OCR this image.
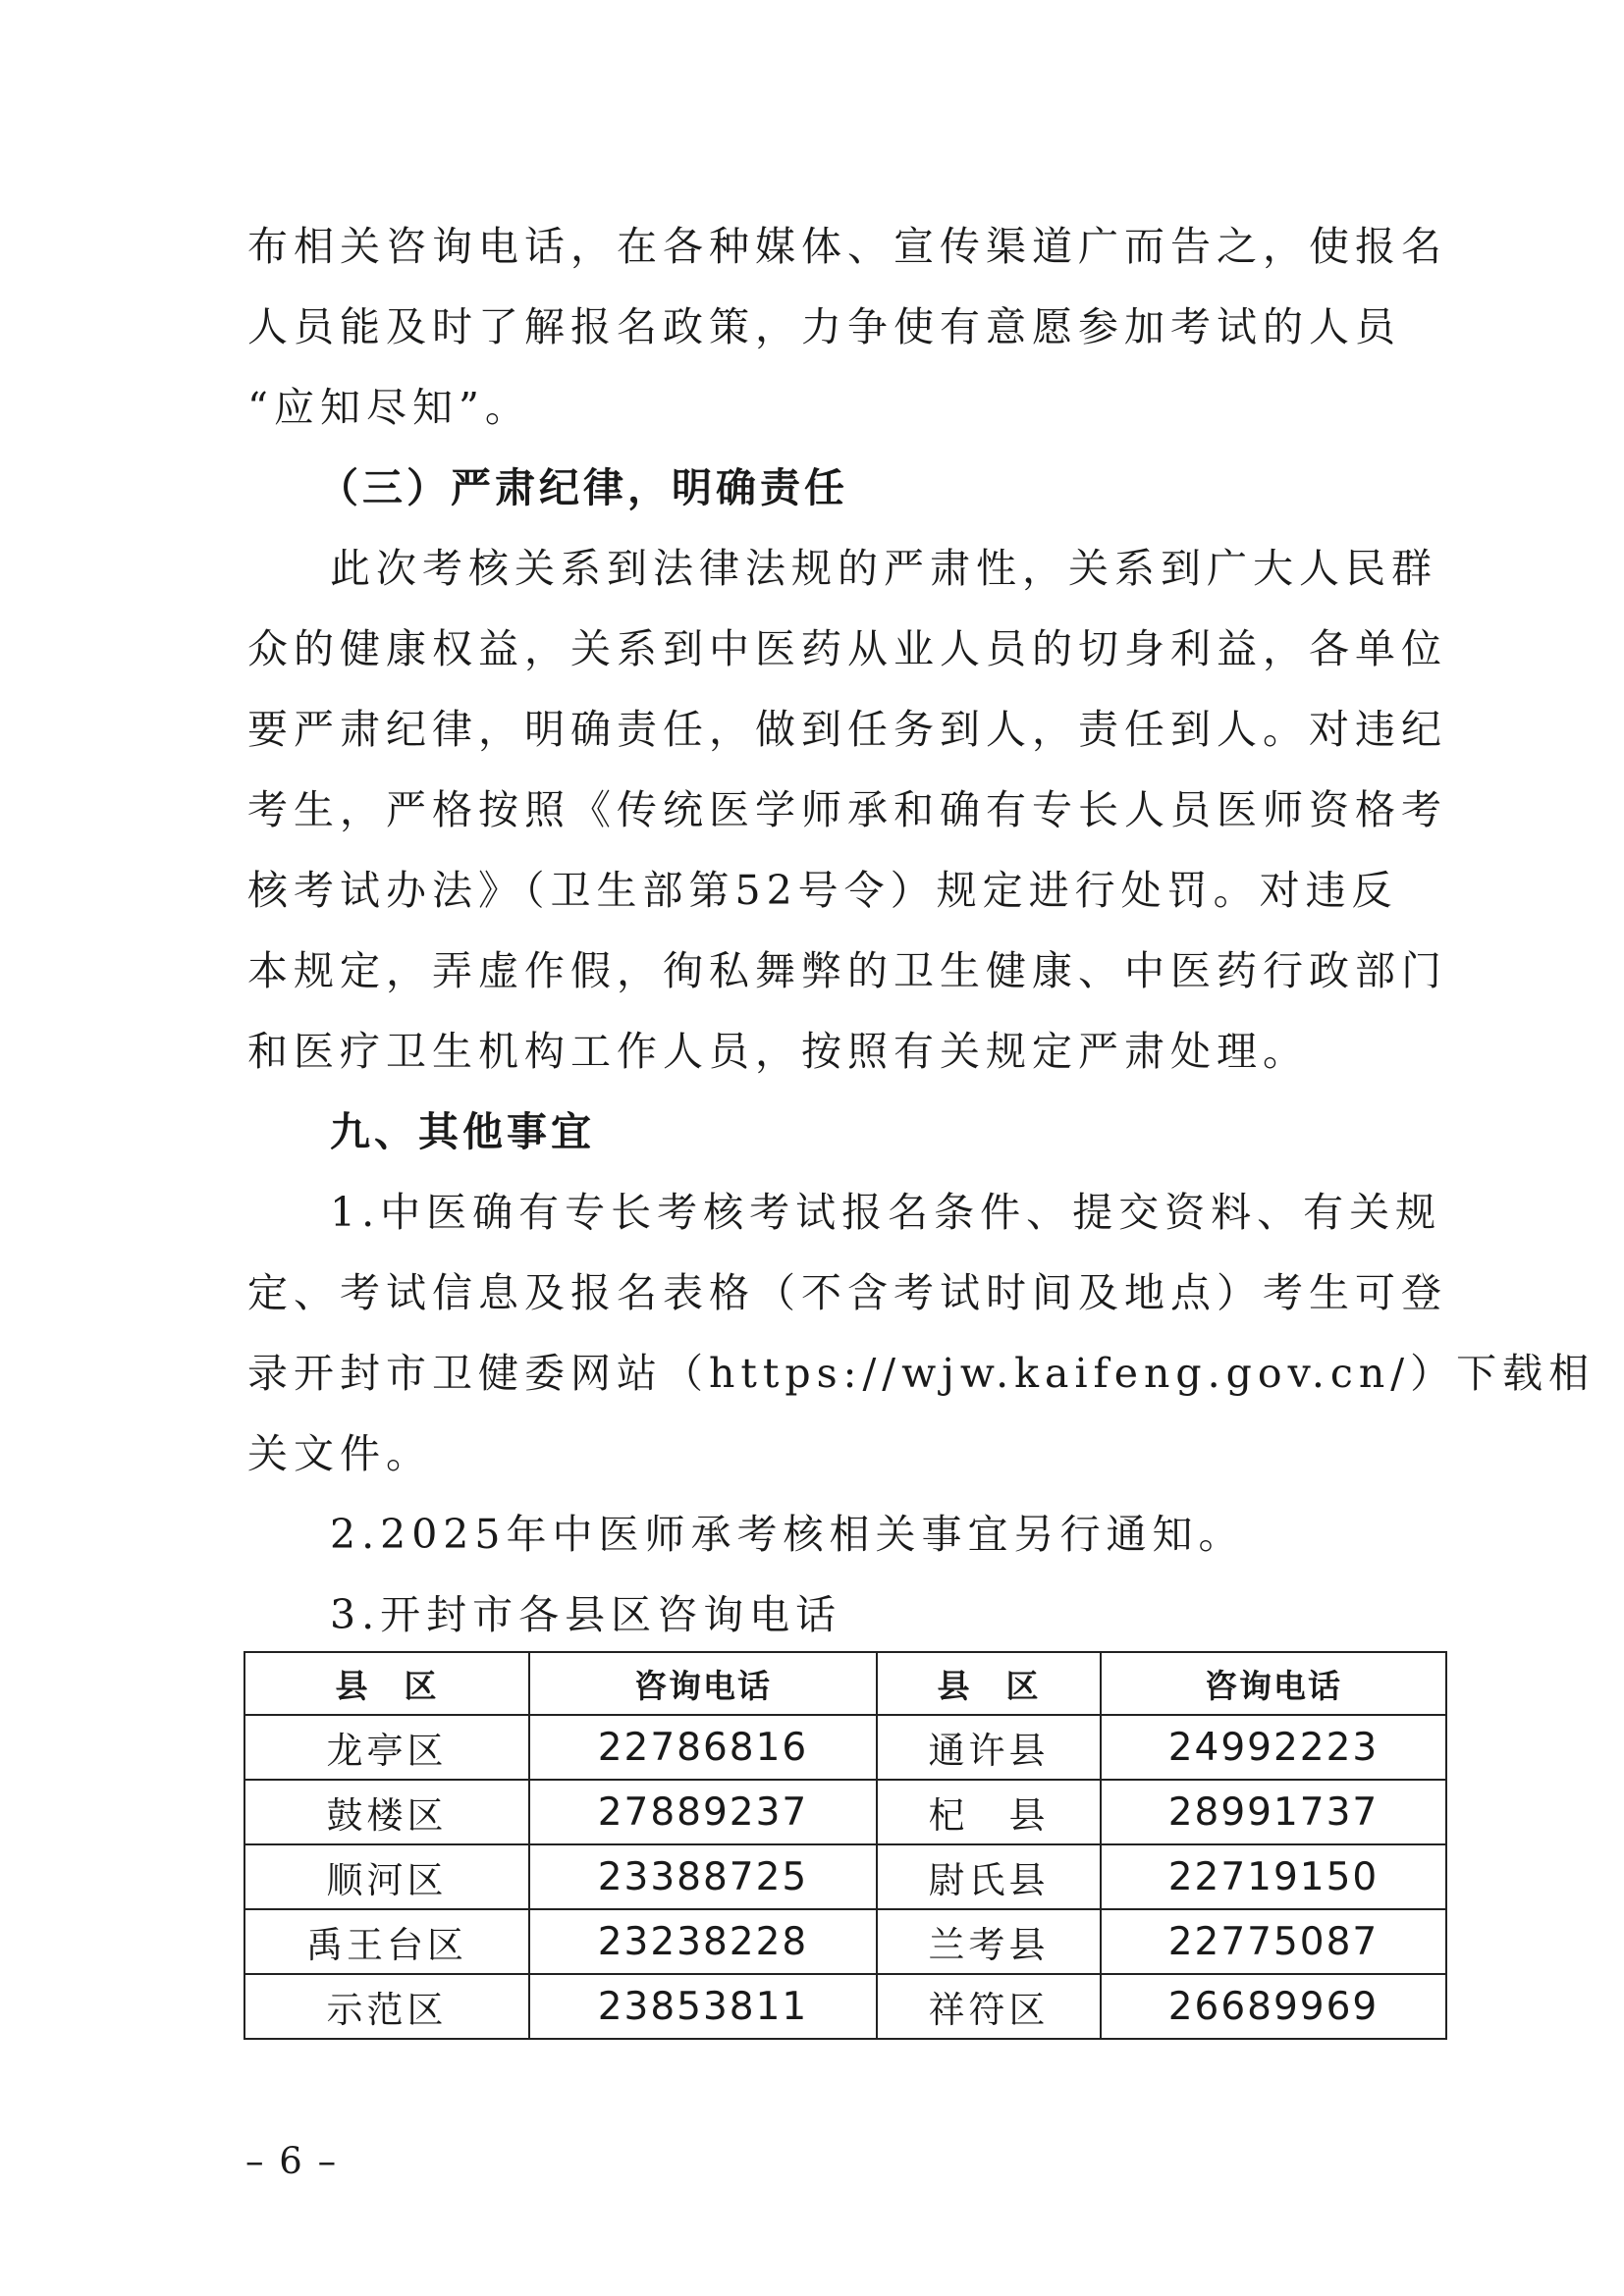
布相关咨询电话，在各种媒体、宣传渠道广而告之，使报名
人员能及时了解报名政策，力争使有意愿参加考试的人员
“应知尽知”。
（三）严肃纪律，明确责任
此次考核关系到法律法规的严肃性，关系到广大人民群
众的健康权益，关系到中医药从业人员的切身利益，各单位
要严肃纪律，明确责任，做到任务到人，责任到人。对违纪
考生，严格按照《传统医学师承和确有专长人员医师资格考
核考试办法》（卫生部第52号令）规定进行处罚。对违反
本规定，弄虚作假，徇私舞弊的卫生健康、中医药行政部门
和医疗卫生机构工作人员，按照有关规定严肃处理。
九、其他事宜
1.中医确有专长考核考试报名条件、提交资料、有关规
定、考试信息及报名表格（不含考试时间及地点）考生可登
录开封市卫健委网站（https://wjw.kaifeng.gov.cn/）下载相
关文件。
2.2025年中医师承考核相关事宜另行通知。
3.开封市各县区咨询电话
县　区	咨询电话	县　区	咨询电话
龙亭区	22786816	通许县	24992223
鼓楼区	27889237	杞　县	28991737
顺河区	23388725	尉氏县	22719150
禹王台区	23238228	兰考县	22775087
示范区	23853811	祥符区	26689969
– 6 –
